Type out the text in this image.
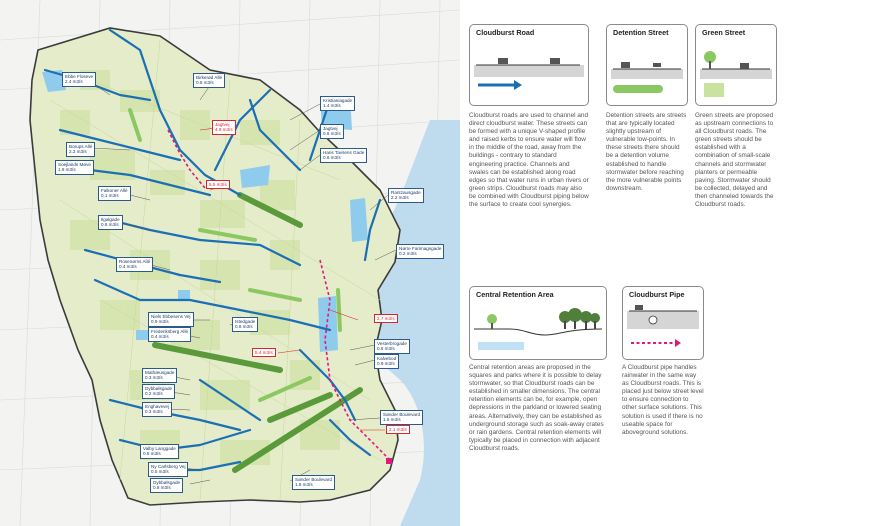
Ebbe Floseve
2.4 m3/s
Birkerød Allé
0.5 m3/s
Borups Allé
2.2 m3/s
Soejlands Møve
1.8 m3/s
Kristianiagade
1.4 m3/s
Jagtvej
4.9 m3/s	Jagtvej
0.6 m3/s
Hans Tavsens Gade
0.6 m3/s
Rantzausgade
2.2 m3/s
5.5 m3/s
Falkoner Allé
0.1 m3/s
Ilgalgade
0.6 m3/s
Nørre Farimagsgade
0.2 m3/s
Rosenørns Allé
0.4 m3/s
Niels Ebbesens Vej
0.9 m3/s
Frederiksberg Allé
0.4 m3/s
Istedgade
0.8 m3/s
2.7 m3/s
Vesterbrogade
0.6 m3/s
5.4 m3/s
Kalvebod
0.9 m3/s
Mathæusgade
0.3 m3/s
Dybbølsgade
0.2 m3/s
Enghavevej
0.3 m3/s
Valby Langgade
0.5 m3/s
Sønder Boulevard
1.5 m3/s
2.1 m3/s
Ny Carlsberg Vej
0.5 m3/s
Dybbølsgade
0.8 m3/s
Sønder Boulevard
1.8 m3/s
Cloudburst Road
Cloudburst roads are used to channel and direct cloudburst water. These streets can be formed with a unique V-shaped profile and raised kerbs to ensure water will flow in the middle of the road, away from the buildings - contrary to standard engineering practice. Channels and swales can be established along road edges so that water runs in urban rivers or green strips. Cloudburst roads may also be combined with Cloudburst piping below the surface to create cool synergies.
Detention Street
Detention streets are streets that are typically located slightly upstream of vulnerable low-points. In these streets there should be a detention volume established to handle stormwater before reaching the more vulnerable points downstream.
Green Street
Green streets are proposed as upstream connections to all Cloudburst roads. The green streets should be established with a combination of small-scale channels and stormwater planters or permeable paving. Stormwater should be collected, delayed and then channeled towards the Cloudburst roads.
Central Retention Area
Central retention areas are proposed in the squares and parks where it is possible to delay stormwater, so that Cloudburst roads can be established in smaller dimensions. The central retention elements can be, for example, open depressions in the parkland or lowered seating areas. Alternatively, they can be established as underground storage such as soak-away crates or rain gardens. Central retention elements will typically be placed in connection with adjacent Cloudburst roads.
Cloudburst Pipe
A Cloudburst pipe handles rainwater in the same way as Cloudburst roads. This is placed just below street level to ensure connection to other surface solutions. This solution is used if there is no useable space for aboveground solutions.
